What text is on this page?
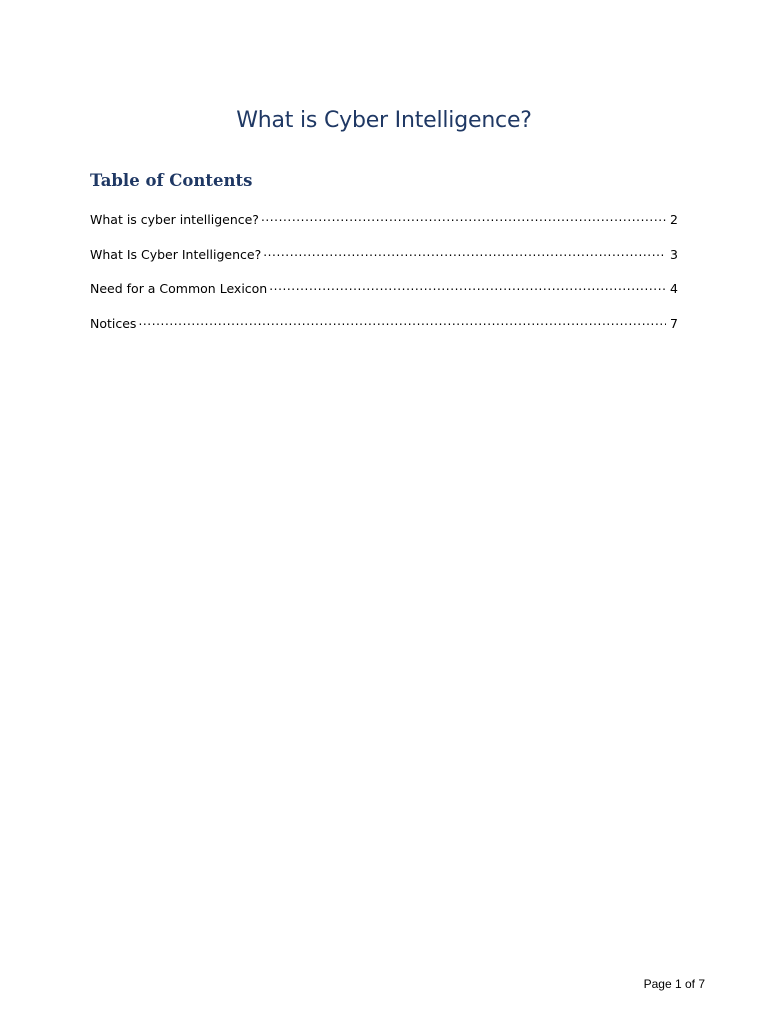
What is Cyber Intelligence?
Table of Contents
What is cyber intelligence? .....	2
What Is Cyber Intelligence? .....	3
Need for a Common Lexicon .....	4
Notices .....	7

Page 1 of 7
